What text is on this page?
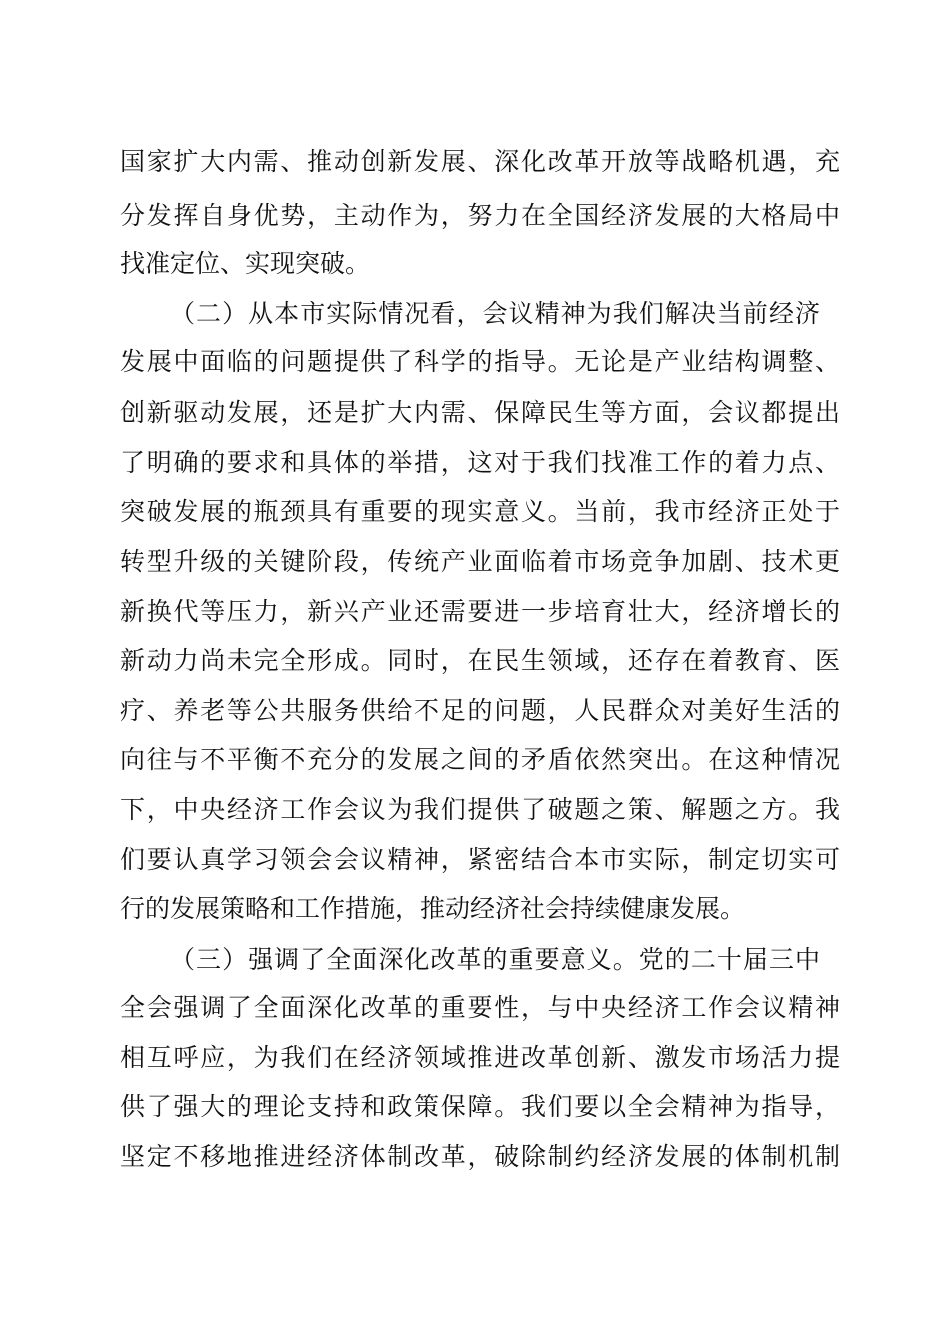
国家扩大内需、推动创新发展、深化改革开放等战略机遇，充
分发挥自身优势，主动作为，努力在全国经济发展的大格局中
找准定位、实现突破。
（二）从本市实际情况看，会议精神为我们解决当前经济
发展中面临的问题提供了科学的指导。无论是产业结构调整、
创新驱动发展，还是扩大内需、保障民生等方面，会议都提出
了明确的要求和具体的举措，这对于我们找准工作的着力点、
突破发展的瓶颈具有重要的现实意义。当前，我市经济正处于
转型升级的关键阶段，传统产业面临着市场竞争加剧、技术更
新换代等压力，新兴产业还需要进一步培育壮大，经济增长的
新动力尚未完全形成。同时，在民生领域，还存在着教育、医
疗、养老等公共服务供给不足的问题，人民群众对美好生活的
向往与不平衡不充分的发展之间的矛盾依然突出。在这种情况
下，中央经济工作会议为我们提供了破题之策、解题之方。我
们要认真学习领会会议精神，紧密结合本市实际，制定切实可
行的发展策略和工作措施，推动经济社会持续健康发展。
（三）强调了全面深化改革的重要意义。党的二十届三中
全会强调了全面深化改革的重要性，与中央经济工作会议精神
相互呼应，为我们在经济领域推进改革创新、激发市场活力提
供了强大的理论支持和政策保障。我们要以全会精神为指导，
坚定不移地推进经济体制改革，破除制约经济发展的体制机制
